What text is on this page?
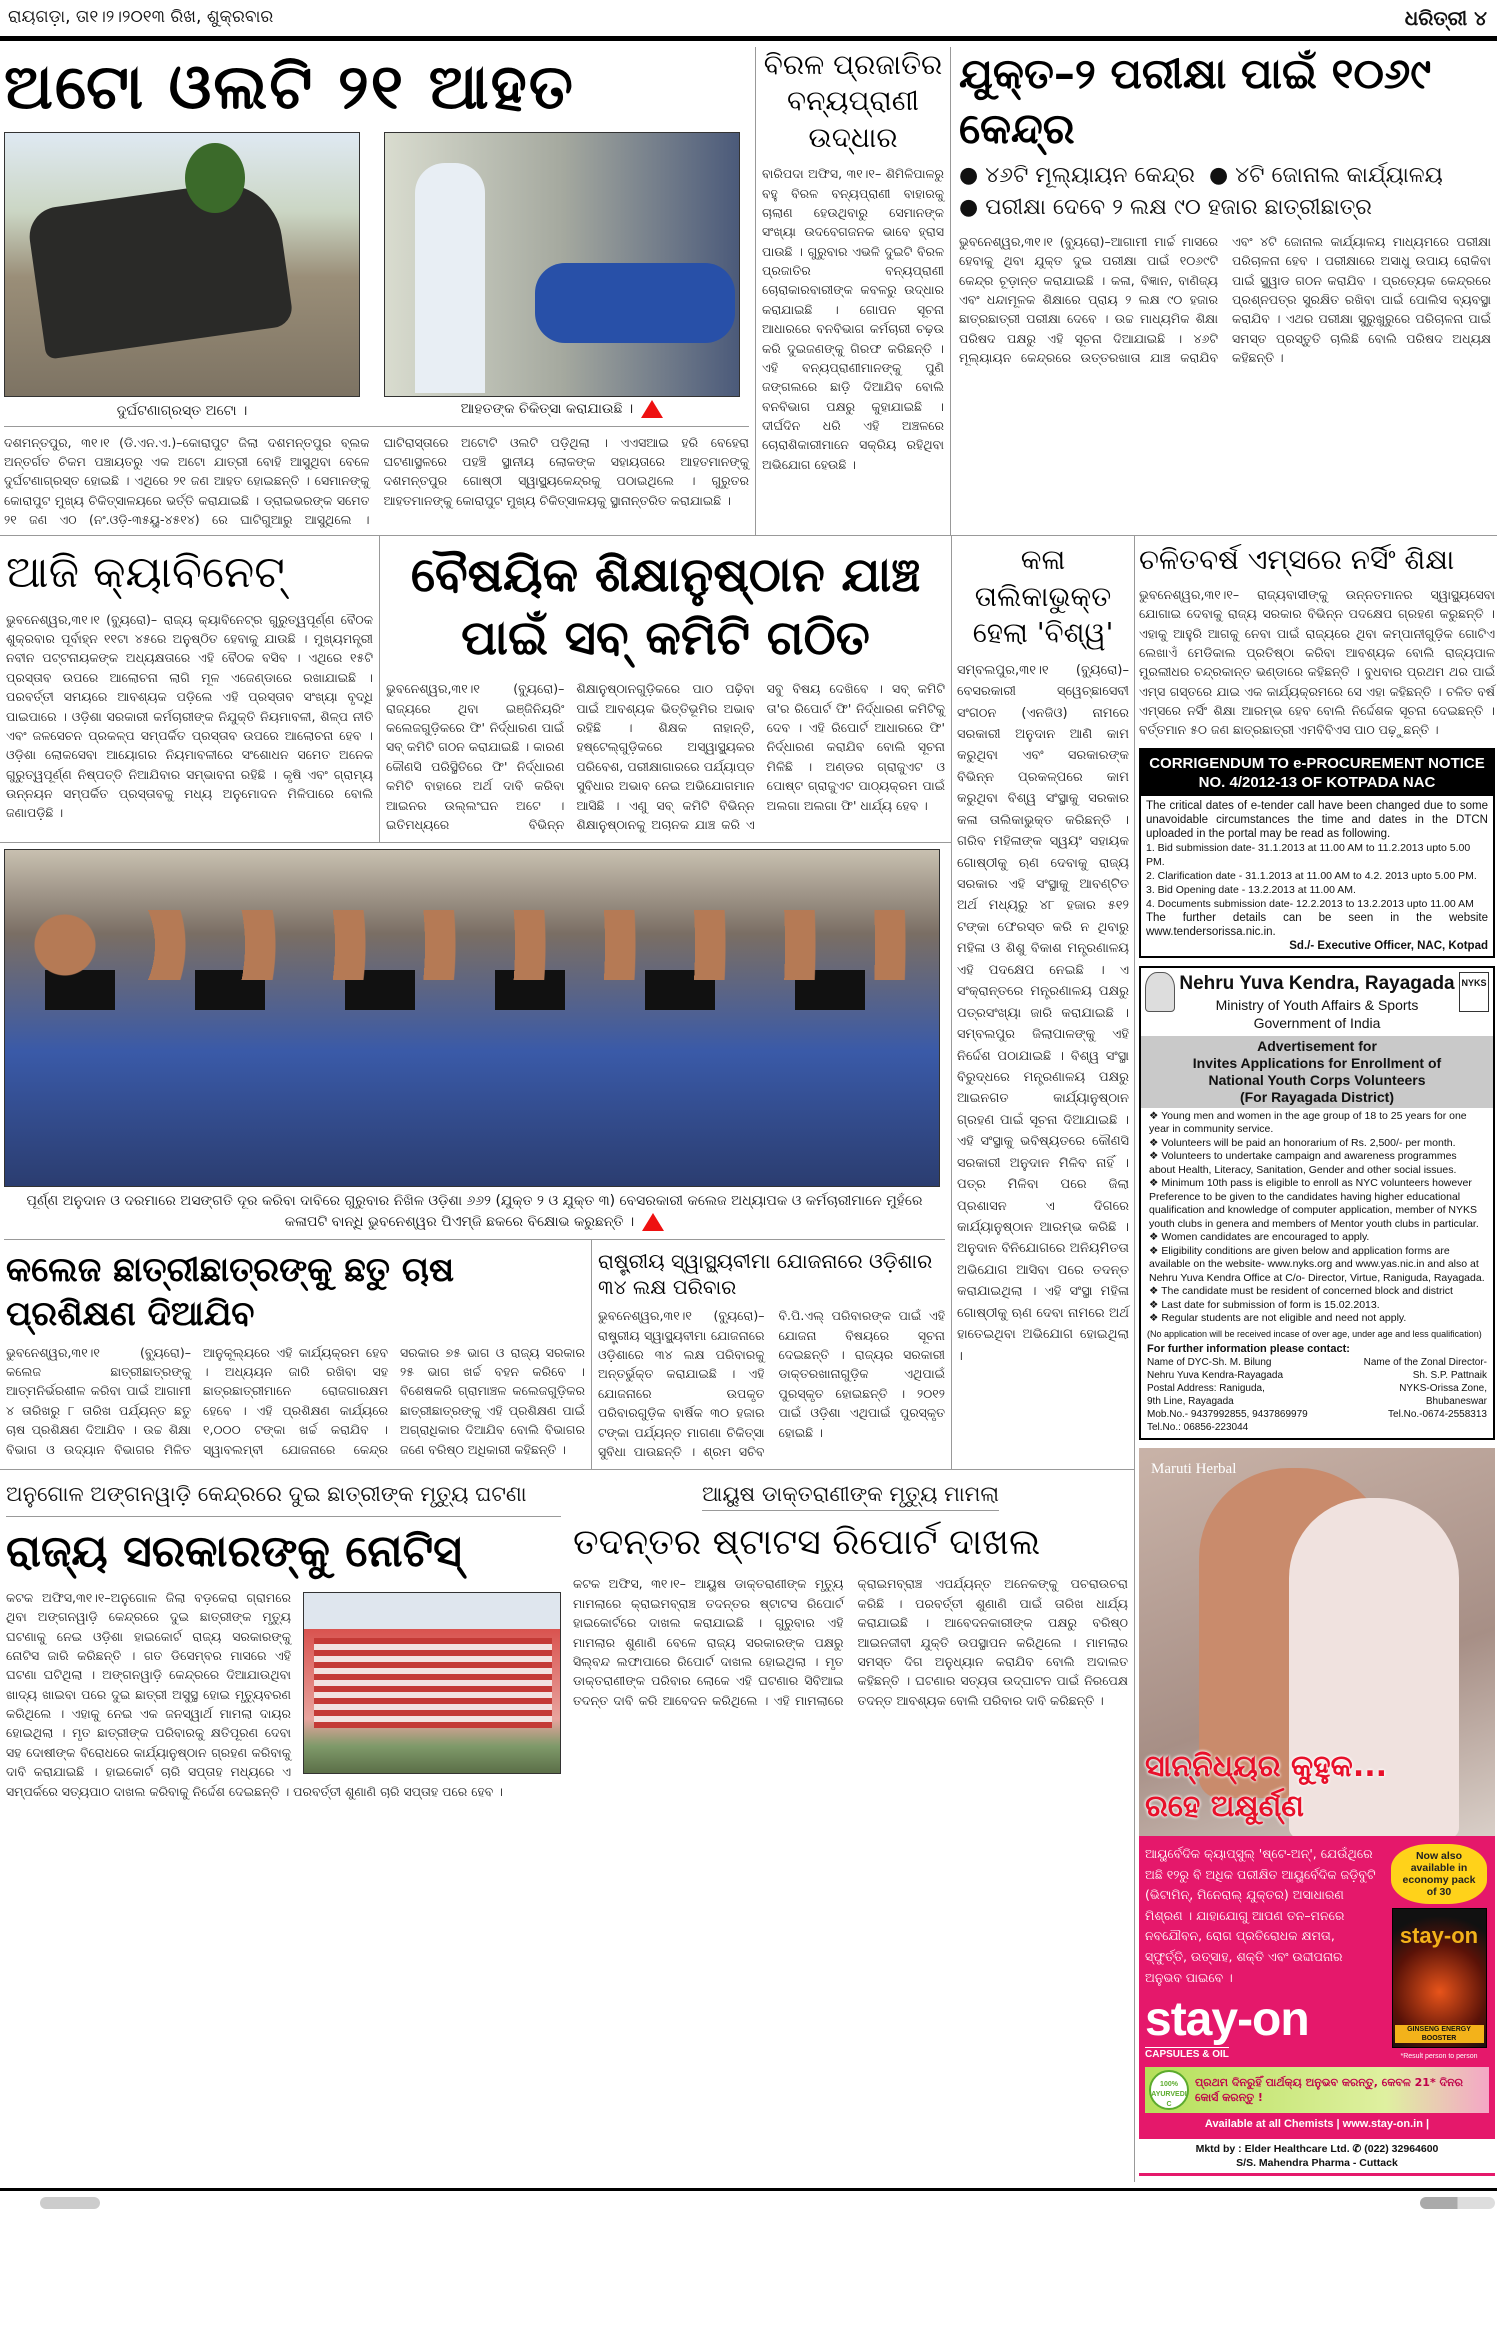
ରାୟଗଡ଼ା, ତା୧।୨।୨୦୧୩ ରିଖ, ଶୁକ୍ରବାର	ଧରିତ୍ରୀ ୪
ଅଟୋ ଓଲଟି ୨୧ ଆହତ
ଦୁର୍ଘଟଣାଗ୍ରସ୍ତ ଅଟୋ ।	ଆହତଙ୍କ ଚିକିତ୍ସା କରାଯାଉଛି ।
ଦଶମନ୍ତପୁର, ୩୧।୧ (ଡି.ଏନ.ଏ.)–କୋରାପୁଟ ଜିଲା ଦଶମନ୍ତପୁର ବ୍ଲକ ଅନ୍ତର୍ଗତ ଚିକମ ପଞ୍ଚାୟତରୁ ଏକ ଅଟୋ ଯାତ୍ରୀ ବୋହି ଆସୁଥିବା ବେଳେ ଦୁର୍ଘଟଣାଗ୍ରସ୍ତ ହୋଇଛି । ଏଥିରେ ୨୧ ଜଣ ଆହତ ହୋଇଛନ୍ତି । ସେମାନଙ୍କୁ କୋରାପୁଟ ମୁଖ୍ୟ ଚିକିତ୍ସାଳୟରେ ଭର୍ତ୍ତି କରାଯାଇଛି । ଡ୍ରାଇଭରଙ୍କ ସମେତ ୨୧ ଜଣ ଏଠ (ନଂ.ଓଡ଼ି-୩୫ୟୁ-୪୫୧୪) ରେ ଘାଟିଗୁଆରୁ ଆସୁଥିଲେ । ଘାଟିରାସ୍ତାରେ ଅଟୋଟି ଓଲଟି ପଡ଼ିଥିଲା । ଏଏସଆଇ ହରି ବେହେରା ଘଟଣାସ୍ଥଳରେ ପହଞ୍ଚି ସ୍ଥାନୀୟ ଲୋକଙ୍କ ସହାୟତାରେ ଆହତମାନଙ୍କୁ ଦଶମନ୍ତପୁର ଗୋଷ୍ଠୀ ସ୍ୱାସ୍ଥ୍ୟକେନ୍ଦ୍ରକୁ ପଠାଇଥିଲେ । ଗୁରୁତର ଆହତମାନଙ୍କୁ କୋରାପୁଟ ମୁଖ୍ୟ ଚିକିତ୍ସାଳୟକୁ ସ୍ଥାନାନ୍ତରିତ କରାଯାଇଛି ।
ବିରଳ ପ୍ରଜାତିର ବନ୍ୟପ୍ରାଣୀ ଉଦ୍ଧାର
ବାରିପଦା ଅଫିସ, ୩୧।୧– ଶିମିଳିପାଳରୁ ବହୁ ବିରଳ ବନ୍ୟପ୍ରାଣୀ ବାହାରକୁ ଚାଲାଣ ହେଉଥିବାରୁ ସେମାନଙ୍କ ସଂଖ୍ୟା ଉଦବେଗଜନକ ଭାବେ ହ୍ରାସ ପାଉଛି । ଗୁରୁବାର ଏଭଳି ଦୁଇଟି ବିରଳ ପ୍ରଜାତିର ବନ୍ୟପ୍ରାଣୀ ଚୋରାକାରବାରୀଙ୍କ କବଳରୁ ଉଦ୍ଧାର କରାଯାଇଛି । ଗୋପନ ସୂଚନା ଆଧାରରେ ବନବିଭାଗ କର୍ମଚାରୀ ଚଢ଼ଉ କରି ଦୁଇଜଣଙ୍କୁ ଗିରଫ କରିଛନ୍ତି । ଏହି ବନ୍ୟପ୍ରାଣୀମାନଙ୍କୁ ପୁଣି ଜଙ୍ଗଲରେ ଛାଡ଼ି ଦିଆଯିବ ବୋଲି ବନବିଭାଗ ପକ୍ଷରୁ କୁହାଯାଇଛି । ଦୀର୍ଘଦିନ ଧରି ଏହି ଅଞ୍ଚଳରେ ଚୋରାଶିକାରୀମାନେ ସକ୍ରିୟ ରହିଥିବା ଅଭିଯୋଗ ହେଉଛି ।
ଯୁକ୍ତ–୨ ପରୀକ୍ଷା ପାଇଁ ୧୦୬୯ କେନ୍ଦ୍ର
● ୪୬ଟି ମୂଲ୍ୟାୟନ କେନ୍ଦ୍ର ● ୪ଟି ଜୋନାଲ କାର୍ଯ୍ୟାଳୟ
● ପରୀକ୍ଷା ଦେବେ ୨ ଲକ୍ଷ ୯୦ ହଜାର ଛାତ୍ରୀଛାତ୍ର
ଭୁବନେଶ୍ୱର,୩୧।୧ (ବ୍ୟୁରୋ)–ଆଗାମୀ ମାର୍ଚ୍ଚ ମାସରେ ହେବାକୁ ଥିବା ଯୁକ୍ତ ଦୁଇ ପରୀକ୍ଷା ପାଇଁ ୧୦୬୯ଟି କେନ୍ଦ୍ର ଚୂଡ଼ାନ୍ତ କରାଯାଇଛି । କଳା, ବିଜ୍ଞାନ, ବାଣିଜ୍ୟ ଏବଂ ଧନ୍ଦାମୂଳକ ଶିକ୍ଷାରେ ପ୍ରାୟ ୨ ଲକ୍ଷ ୯୦ ହଜାର ଛାତ୍ରଛାତ୍ରୀ ପରୀକ୍ଷା ଦେବେ । ଉଚ୍ଚ ମାଧ୍ୟମିକ ଶିକ୍ଷା ପରିଷଦ ପକ୍ଷରୁ ଏହି ସୂଚନା ଦିଆଯାଇଛି । ୪୬ଟି ମୂଲ୍ୟାୟନ କେନ୍ଦ୍ରରେ ଉତ୍ତରଖାତା ଯାଞ୍ଚ କରାଯିବ ଏବଂ ୪ଟି ଜୋନାଲ କାର୍ଯ୍ୟାଳୟ ମାଧ୍ୟମରେ ପରୀକ୍ଷା ପରିଚାଳନା ହେବ । ପରୀକ୍ଷାରେ ଅସାଧୁ ଉପାୟ ରୋକିବା ପାଇଁ ସ୍କ୍ୱାଡ ଗଠନ କରାଯିବ । ପ୍ରତ୍ୟେକ କେନ୍ଦ୍ରରେ ପ୍ରଶ୍ନପତ୍ର ସୁରକ୍ଷିତ ରଖିବା ପାଇଁ ପୋଲିସ ବ୍ୟବସ୍ଥା କରାଯିବ । ଏଥର ପରୀକ୍ଷା ସୁରୁଖୁରୁରେ ପରିଚାଳନା ପାଇଁ ସମସ୍ତ ପ୍ରସ୍ତୁତି ଚାଲିଛି ବୋଲି ପରିଷଦ ଅଧ୍ୟକ୍ଷ କହିଛନ୍ତି ।
ଆଜି କ୍ୟାବିନେଟ୍
ଭୁବନେଶ୍ୱର,୩୧।୧ (ବ୍ୟୁରୋ)– ରାଜ୍ୟ କ୍ୟାବିନେଟ୍‌ର ଗୁରୁତ୍ୱପୂର୍ଣ୍ଣ ବୈଠକ ଶୁକ୍ରବାର ପୂର୍ବାହ୍ନ ୧୧ଟା ୪୫ରେ ଅନୁଷ୍ଠିତ ହେବାକୁ ଯାଉଛି । ମୁଖ୍ୟମନ୍ତ୍ରୀ ନବୀନ ପଟ୍ଟନାୟକଙ୍କ ଅଧ୍ୟକ୍ଷତାରେ ଏହି ବୈଠକ ବସିବ । ଏଥିରେ ୧୫ଟି ପ୍ରସ୍ତାବ ଉପରେ ଆଲୋଚନା ଲାଗି ମୂଳ ଏଜେଣ୍ଡାରେ ରଖାଯାଇଛି । ପରବର୍ତ୍ତୀ ସମୟରେ ଆବଶ୍ୟକ ପଡ଼ିଲେ ଏହି ପ୍ରସ୍ତାବ ସଂଖ୍ୟା ବୃଦ୍ଧି ପାଇପାରେ । ଓଡ଼ିଶା ସରକାରୀ କର୍ମଚାରୀଙ୍କ ନିଯୁକ୍ତି ନିୟମାବଳୀ, ଶିଳ୍ପ ନୀତି ଏବଂ ଜଳସେଚନ ପ୍ରକଳ୍ପ ସମ୍ପର୍କିତ ପ୍ରସ୍ତାବ ଉପରେ ଆଲୋଚନା ହେବ । ଓଡ଼ିଶା ଲୋକସେବା ଆୟୋଗର ନିୟମାବଳୀରେ ସଂଶୋଧନ ସମେତ ଅନେକ ଗୁରୁତ୍ୱପୂର୍ଣ୍ଣ ନିଷ୍ପତ୍ତି ନିଆଯିବାର ସମ୍ଭାବନା ରହିଛି । କୃଷି ଏବଂ ଗ୍ରାମ୍ୟ ଉନ୍ନୟନ ସମ୍ପର୍କିତ ପ୍ରସ୍ତାବକୁ ମଧ୍ୟ ଅନୁମୋଦନ ମିଳିପାରେ ବୋଲି ଜଣାପଡ଼ିଛି ।
ବୈଷୟିକ ଶିକ୍ଷାନୁଷ୍ଠାନ ଯାଞ୍ଚ ପାଇଁ ସବ୍ କମିଟି ଗଠିତ
ଭୁବନେଶ୍ୱର,୩୧।୧ (ବ୍ୟୁରୋ)– ରାଜ୍ୟରେ ଥିବା ଇଞ୍ଜିନିୟରିଂ କଲେଜଗୁଡ଼ିକରେ ଫି' ନିର୍ଦ୍ଧାରଣ ପାଇଁ ସବ୍ କମିଟି ଗଠନ କରାଯାଇଛି । କାରଣ କୌଣସି ପରିସ୍ଥିତିରେ ଫି' ନିର୍ଦ୍ଧାରଣ କମିଟି ବାହାରେ ଅର୍ଥ ଦାବି କରିବା ଆଇନର ଉଲ୍ଲଂଘନ ଅଟେ । ଇତିମଧ୍ୟରେ ବିଭିନ୍ନ ଶିକ୍ଷାନୁଷ୍ଠାନଗୁଡ଼ିକରେ ପାଠ ପଢ଼ିବା ପାଇଁ ଆବଶ୍ୟକ ଭିତ୍ତିଭୂମିର ଅଭାବ ରହିଛି । ଶିକ୍ଷକ ନାହାନ୍ତି, ହଷ୍ଟେଲ୍‌ଗୁଡ଼ିକରେ ଅସ୍ୱାସ୍ଥ୍ୟକର ପରିବେଶ, ପରୀକ୍ଷାଗାରରେ ପର୍ଯ୍ୟାପ୍ତ ସୁବିଧାର ଅଭାବ ନେଇ ଅଭିଯୋଗମାନ ଆସିଛି । ଏଣୁ ସବ୍ କମିଟି ବିଭିନ୍ନ ଶିକ୍ଷାନୁଷ୍ଠାନକୁ ଅଚାନକ ଯାଞ୍ଚ କରି ଏ ସବୁ ବିଷୟ ଦେଖିବେ । ସବ୍ କମିଟି ତା'ର ରିପୋର୍ଟ ଫି' ନିର୍ଦ୍ଧାରଣ କମିଟିକୁ ଦେବ । ଏହି ରିପୋର୍ଟ ଆଧାରରେ ଫି' ନିର୍ଦ୍ଧାରଣ କରାଯିବ ବୋଲି ସୂଚନା ମିଳିଛି । ଅଣ୍ଡର ଗ୍ରାଜୁଏଟ ଓ ପୋଷ୍ଟ ଗ୍ରାଜୁଏଟ ପାଠ୍ୟକ୍ରମ ପାଇଁ ଅଲଗା ଅଲଗା ଫି' ଧାର୍ଯ୍ୟ ହେବ ।
ପୂର୍ଣ୍ଣ ଅନୁଦାନ ଓ ଦରମାରେ ଅସଙ୍ଗତି ଦୂର କରିବା ଦାବିରେ ଗୁରୁବାର ନିଖିଳ ଓଡ଼ିଶା ୬୬୨ (ଯୁକ୍ତ ୨ ଓ ଯୁକ୍ତ ୩) ବେସରକାରୀ କଲେଜ ଅଧ୍ୟାପକ ଓ କର୍ମଚାରୀମାନେ ମୁହଁରେ କଳାପଟି ବାନ୍ଧି ଭୁବନେଶ୍ୱର ପିଏମ୍‌ଜି ଛକରେ ବିକ୍ଷୋଭ କରୁଛନ୍ତି ।
କଲେଜ ଛାତ୍ରୀଛାତ୍ରଙ୍କୁ ଛତୁ ଚାଷ ପ୍ରଶିକ୍ଷଣ ଦିଆଯିବ
ଭୁବନେଶ୍ୱର,୩୧।୧ (ବ୍ୟୁରୋ)– କଲେଜ ଛାତ୍ରୀଛାତ୍ରଙ୍କୁ ଆତ୍ମନିର୍ଭରଶୀଳ କରିବା ପାଇଁ ଆଗାମୀ ୪ ତାରିଖରୁ ୮ ତାରିଖ ପର୍ଯ୍ୟନ୍ତ ଛତୁ ଚାଷ ପ୍ରଶିକ୍ଷଣ ଦିଆଯିବ । ଉଚ୍ଚ ଶିକ୍ଷା ବିଭାଗ ଓ ଉଦ୍ୟାନ ବିଭାଗର ମିଳିତ ଆନୁକୂଲ୍ୟରେ ଏହି କାର୍ଯ୍ୟକ୍ରମ ହେବ । ଅଧ୍ୟୟନ ଜାରି ରଖିବା ସହ ଛାତ୍ରଛାତ୍ରୀମାନେ ରୋଜଗାରକ୍ଷମ ହେବେ । ଏହି ପ୍ରଶିକ୍ଷଣ କାର୍ଯ୍ୟରେ ୧,୦୦୦ ଟଙ୍କା ଖର୍ଚ୍ଚ କରାଯିବ । ସ୍ୱାବଲମ୍ବୀ ଯୋଜନାରେ କେନ୍ଦ୍ର ସରକାର ୭୫ ଭାଗ ଓ ରାଜ୍ୟ ସରକାର ୨୫ ଭାଗ ଖର୍ଚ୍ଚ ବହନ କରିବେ । ବିଶେଷକରି ଗ୍ରାମାଞ୍ଚଳ କଲେଜଗୁଡ଼ିକର ଛାତ୍ରୀଛାତ୍ରଙ୍କୁ ଏହି ପ୍ରଶିକ୍ଷଣ ପାଇଁ ଅଗ୍ରାଧିକାର ଦିଆଯିବ ବୋଲି ବିଭାଗର ଜଣେ ବରିଷ୍ଠ ଅଧିକାରୀ କହିଛନ୍ତି ।
ରାଷ୍ଟ୍ରୀୟ ସ୍ୱାସ୍ଥ୍ୟବୀମା ଯୋଜନାରେ ଓଡ଼ିଶାର ୩୪ ଲକ୍ଷ ପରିବାର
ଭୁବନେଶ୍ୱର,୩୧।୧ (ବ୍ୟୁରୋ)– ରାଷ୍ଟ୍ରୀୟ ସ୍ୱାସ୍ଥ୍ୟବୀମା ଯୋଜନାରେ ଓଡ଼ିଶାରେ ୩୪ ଲକ୍ଷ ପରିବାରକୁ ଅନ୍ତର୍ଭୁକ୍ତ କରାଯାଇଛି । ଏହି ଯୋଜନାରେ ଉପକୃତ ପରିବାରଗୁଡ଼ିକ ବାର୍ଷିକ ୩୦ ହଜାର ଟଙ୍କା ପର୍ଯ୍ୟନ୍ତ ମାଗଣା ଚିକିତ୍ସା ସୁବିଧା ପାଉଛନ୍ତି । ଶ୍ରମ ସଚିବ ବି.ପି.ଏଲ୍ ପରିବାରଙ୍କ ପାଇଁ ଏହି ଯୋଜନା ବିଷୟରେ ସୂଚନା ଦେଇଛନ୍ତି । ରାଜ୍ୟର ସରକାରୀ ଡାକ୍ତରଖାନାଗୁଡ଼ିକ ଏଥିପାଇଁ ପୁରସ୍କୃତ ହୋଇଛନ୍ତି । ୨୦୧୨ ପାଇଁ ଓଡ଼ିଶା ଏଥିପାଇଁ ପୁରସ୍କୃତ ହୋଇଛି ।
କଳା ତାଲିକାଭୁକ୍ତ ହେଲା 'ବିଶ୍ୱ'
ସମ୍ବଲପୁର,୩୧।୧ (ବ୍ୟୁରୋ)– ବେସରକାରୀ ସ୍ୱେଚ୍ଛାସେବୀ ସଂଗଠନ (ଏନଜିଓ) ନାମରେ ସରକାରୀ ଅନୁଦାନ ଆଣି କାମ କରୁଥିବା ଏବଂ ସରକାରଙ୍କ ବିଭିନ୍ନ ପ୍ରକଳ୍ପରେ କାମ କରୁଥିବା ବିଶ୍ୱ ସଂସ୍ଥାକୁ ସରକାର କଳା ତାଲିକାଭୁକ୍ତ କରିଛନ୍ତି । ଗରିବ ମହିଳାଙ୍କ ସ୍ୱୟଂ ସହାୟକ ଗୋଷ୍ଠୀକୁ ଋଣ ଦେବାକୁ ରାଜ୍ୟ ସରକାର ଏହି ସଂସ୍ଥାକୁ ଆବଣ୍ଟିତ ଅର୍ଥ ମଧ୍ୟରୁ ୪୮ ହଜାର ୫୧୨ ଟଙ୍କା ଫେରସ୍ତ କରି ନ ଥିବାରୁ ମହିଳା ଓ ଶିଶୁ ବିକାଶ ମନ୍ତ୍ରଣାଳୟ ଏହି ପଦକ୍ଷେପ ନେଇଛି । ଏ ସଂକ୍ରାନ୍ତରେ ମନ୍ତ୍ରଣାଳୟ ପକ୍ଷରୁ ପତ୍ରସଂଖ୍ୟା ଜାରି କରାଯାଇଛି । ସମ୍ବଲପୁର ଜିଲାପାଳଙ୍କୁ ଏହି ନିର୍ଦ୍ଦେଶ ପଠାଯାଇଛି । ବିଶ୍ୱ ସଂସ୍ଥା ବିରୁଦ୍ଧରେ ମନ୍ତ୍ରଣାଳୟ ପକ୍ଷରୁ ଆଇନଗତ କାର୍ଯ୍ୟାନୁଷ୍ଠାନ ଗ୍ରହଣ ପାଇଁ ସୂଚନା ଦିଆଯାଇଛି । ଏହି ସଂସ୍ଥାକୁ ଭବିଷ୍ୟତରେ କୌଣସି ସରକାରୀ ଅନୁଦାନ ମିଳିବ ନାହିଁ । ପତ୍ର ମିଳିବା ପରେ ଜିଲା ପ୍ରଶାସନ ଏ ଦିଗରେ କାର୍ଯ୍ୟାନୁଷ୍ଠାନ ଆରମ୍ଭ କରିଛି । ଅନୁଦାନ ବିନିଯୋଗରେ ଅନିୟମିତତା ଅଭିଯୋଗ ଆସିବା ପରେ ତଦନ୍ତ କରାଯାଇଥିଲା । ଏହି ସଂସ୍ଥା ମହିଳା ଗୋଷ୍ଠୀକୁ ଋଣ ଦେବା ନାମରେ ଅର୍ଥ ହାତେଇଥିବା ଅଭିଯୋଗ ହୋଇଥିଲା ।
ଅନୁଗୋଳ ଅଙ୍ଗନୱାଡ଼ି କେନ୍ଦ୍ରରେ ଦୁଇ ଛାତ୍ରୀଙ୍କ ମୃତ୍ୟୁ ଘଟଣା
ରାଜ୍ୟ ସରକାରଙ୍କୁ ନୋଟିସ୍
କଟକ ଅଫିସ,୩୧।୧–ଅନୁଗୋଳ ଜିଲା ବଡ଼କେରା ଗ୍ରାମରେ ଥିବା ଅଙ୍ଗନୱାଡ଼ି କେନ୍ଦ୍ରରେ ଦୁଇ ଛାତ୍ରୀଙ୍କ ମୃତ୍ୟୁ ଘଟଣାକୁ ନେଇ ଓଡ଼ିଶା ହାଇକୋର୍ଟ ରାଜ୍ୟ ସରକାରଙ୍କୁ ନୋଟିସ ଜାରି କରିଛନ୍ତି । ଗତ ଡିସେମ୍ବର ମାସରେ ଏହି ଘଟଣା ଘଟିଥିଲା । ଅଙ୍ଗନୱାଡ଼ି କେନ୍ଦ୍ରରେ ଦିଆଯାଉଥିବା ଖାଦ୍ୟ ଖାଇବା ପରେ ଦୁଇ ଛାତ୍ରୀ ଅସୁସ୍ଥ ହୋଇ ମୃତ୍ୟୁବରଣ କରିଥିଲେ । ଏହାକୁ ନେଇ ଏକ ଜନସ୍ୱାର୍ଥ ମାମଲା ଦାୟର ହୋଇଥିଲା । ମୃତ ଛାତ୍ରୀଙ୍କ ପରିବାରକୁ କ୍ଷତିପୂରଣ ଦେବା ସହ ଦୋଷୀଙ୍କ ବିରୋଧରେ କାର୍ଯ୍ୟାନୁଷ୍ଠାନ ଗ୍ରହଣ କରିବାକୁ ଦାବି କରାଯାଇଛି । ହାଇକୋର୍ଟ ଚାରି ସପ୍ତାହ ମଧ୍ୟରେ ଏ ସମ୍ପର୍କରେ ସତ୍ୟପାଠ ଦାଖଲ କରିବାକୁ ନିର୍ଦ୍ଦେଶ ଦେଇଛନ୍ତି । ପରବର୍ତ୍ତୀ ଶୁଣାଣି ଚାରି ସପ୍ତାହ ପରେ ହେବ ।
ଆୟୁଷ ଡାକ୍ତରାଣୀଙ୍କ ମୃତ୍ୟୁ ମାମଲା
ତଦନ୍ତର ଷ୍ଟାଟସ ରିପୋର୍ଟ ଦାଖଲ
କଟକ ଅଫିସ, ୩୧।୧– ଆୟୁଷ ଡାକ୍ତରାଣୀଙ୍କ ମୃତ୍ୟୁ ମାମଲାରେ କ୍ରାଇମବ୍ରାଞ୍ଚ ତଦନ୍ତର ଷ୍ଟାଟସ ରିପୋର୍ଟ ହାଇକୋର୍ଟରେ ଦାଖଲ କରାଯାଇଛି । ଗୁରୁବାର ଏହି ମାମଲାର ଶୁଣାଣି ବେଳେ ରାଜ୍ୟ ସରକାରଙ୍କ ପକ୍ଷରୁ ସିଲ୍‌ବନ୍ଦ ଲଫାପାରେ ରିପୋର୍ଟ ଦାଖଲ ହୋଇଥିଲା । ମୃତ ଡାକ୍ତରାଣୀଙ୍କ ପରିବାର ଲୋକେ ଏହି ଘଟଣାର ସିବିଆଇ ତଦନ୍ତ ଦାବି କରି ଆବେଦନ କରିଥିଲେ । ଏହି ମାମଲାରେ କ୍ରାଇମବ୍ରାଞ୍ଚ ଏପର୍ଯ୍ୟନ୍ତ ଅନେକଙ୍କୁ ପଚରାଉଚରା କରିଛି । ପରବର୍ତ୍ତୀ ଶୁଣାଣି ପାଇଁ ତାରିଖ ଧାର୍ଯ୍ୟ କରାଯାଇଛି । ଆବେଦନକାରୀଙ୍କ ପକ୍ଷରୁ ବରିଷ୍ଠ ଆଇନଜୀବୀ ଯୁକ୍ତି ଉପସ୍ଥାପନ କରିଥିଲେ । ମାମଲାର ସମସ୍ତ ଦିଗ ଅନୁଧ୍ୟାନ କରାଯିବ ବୋଲି ଅଦାଲତ କହିଛନ୍ତି । ଘଟଣାର ସତ୍ୟତା ଉଦ୍‌ଘାଟନ ପାଇଁ ନିରପେକ୍ଷ ତଦନ୍ତ ଆବଶ୍ୟକ ବୋଲି ପରିବାର ଦାବି କରିଛନ୍ତି ।
ଚଳିତବର୍ଷ ଏମ୍ସରେ ନର୍ସିଂ ଶିକ୍ଷା
ଭୁବନେଶ୍ୱର,୩୧।୧– ରାଜ୍ୟବାସୀଙ୍କୁ ଉନ୍ନତମାନର ସ୍ୱାସ୍ଥ୍ୟସେବା ଯୋଗାଇ ଦେବାକୁ ରାଜ୍ୟ ସରକାର ବିଭିନ୍ନ ପଦକ୍ଷେପ ଗ୍ରହଣ କରୁଛନ୍ତି । ଏହାକୁ ଆହୁରି ଆଗକୁ ନେବା ପାଇଁ ରାଜ୍ୟରେ ଥିବା କମ୍ପାନୀଗୁଡ଼ିକ ଗୋଟିଏ ଲେଖାଏଁ ମେଡିକାଲ ପ୍ରତିଷ୍ଠା କରିବା ଆବଶ୍ୟକ ବୋଲି ରାଜ୍ୟପାଳ ମୁରଲୀଧର ଚନ୍ଦ୍ରକାନ୍ତ ଭଣ୍ଡାରେ କହିଛନ୍ତି । ବୁଧବାର ପ୍ରଥମ ଥର ପାଇଁ ଏମ୍ସ ଗସ୍ତରେ ଯାଇ ଏକ କାର୍ଯ୍ୟକ୍ରମରେ ସେ ଏହା କହିଛନ୍ତି । ଚଳିତ ବର୍ଷ ଏମ୍ସରେ ନର୍ସିଂ ଶିକ୍ଷା ଆରମ୍ଭ ହେବ ବୋଲି ନିର୍ଦ୍ଦେଶକ ସୂଚନା ଦେଇଛନ୍ତି । ବର୍ତ୍ତମାନ ୫୦ ଜଣ ଛାତ୍ରଛାତ୍ରୀ ଏମବିବିଏସ ପାଠ ପଢ଼ୁଛନ୍ତି ।
CORRIGENDUM TO e-PROCUREMENT NOTICE NO. 4/2012-13 OF KOTPADA NAC
The critical dates of e-tender call have been changed due to some unavoidable circumstances the time and dates in the DTCN uploaded in the portal may be read as following.
1. Bid submission date- 31.1.2013 at 11.00 AM to 11.2.2013 upto 5.00 PM.
2. Clarification date - 31.1.2013 at 11.00 AM to 4.2. 2013 upto 5.00 PM.
3. Bid Opening date - 13.2.2013 at 11.00 AM.
4. Documents submission date- 12.2.2013 to 13.2.2013 upto 11.00 AM
The further details can be seen in the website www.tendersorissa.nic.in.
Sd./- Executive Officer, NAC, Kotpad
Nehru Yuva Kendra, Rayagada
Ministry of Youth Affairs & Sports
Government of India
NYKS
Advertisement for
Invites Applications for Enrollment of
National Youth Corps Volunteers
(For Rayagada District)
❖ Young men and women in the age group of 18 to 25 years for one year in community service.
❖ Volunteers will be paid an honorarium of Rs. 2,500/- per month.
❖ Volunteers to undertake campaign and awareness programmes about Health, Literacy, Sanitation, Gender and other social issues.
❖ Minimum 10th pass is eligible to enroll as NYC volunteers however Preference to be given to the candidates having higher educational qualification and knowledge of computer application, member of NYKS youth clubs in genera and members of Mentor youth clubs in particular.
❖ Women candidates are encouraged to apply.
❖ Eligibility conditions are given below and application forms are available on the website- www.nyks.org and www.yas.nic.in and also at Nehru Yuva Kendra Office at C/o- Director, Virtue, Raniguda, Rayagada.
❖ The candidate must be resident of concerned block and district
❖ Last date for submission of form is 15.02.2013.
❖ Regular students are not eligible and need not apply.
(No application will be received incase of over age, under age and less qualification)
For further information please contact:
Name of DYC-Sh. M. Bilung
Nehru Yuva Kendra-Rayagada
Postal Address: Raniguda,
9th Line, Rayagada
Mob.No.- 9437992855, 9437869979
Tel.No.: 06856-223044
Name of the Zonal Director-
Sh. S.P. Pattnaik
NYKS-Orissa Zone,
Bhubaneswar
Tel.No.-0674-2558313
Maruti Herbal
ସାନ୍ନିଧ୍ୟର କୁହୁକ...
ରହେ ଅକ୍ଷୁର୍ଣ୍ଣ
ଆୟୁର୍ବେଦିକ କ୍ୟାପ୍ସୁଲ୍ 'ଷ୍ଟେ-ଅନ୍', ଯେଉଁଥିରେ ଅଛି ୧୨ରୁ ବି ଅଧିକ ପରୀକ୍ଷିତ ଆୟୁର୍ବେଦିକ ଜଡ଼ିବୁଟି (ଭିଟାମିନ୍, ମିନେରାଲ୍ ଯୁକ୍ତର) ଅସାଧାରଣ ମିଶ୍ରଣ । ଯାହାଯୋଗୁ ଆପଣ ତନ–ମନରେ ନବଯୌବନ, ରୋଗ ପ୍ରତିରୋଧକ କ୍ଷମତା, ସ୍ଫୁର୍ତ୍ତି, ଉତ୍ସାହ, ଶକ୍ତି ଏବଂ ଉଦ୍ଦୀପନାର ଅନୁଭବ ପାଇବେ ।
stay-on
CAPSULES & OIL
Now also available in economy pack of 30
stay-on
GINSENG ENERGY BOOSTER
*Result person to person
100% AYURVEDIC
ପ୍ରଥମ ଦିନରୁହିଁ ପାର୍ଥକ୍ୟ ଅନୁଭବ କରନ୍ତୁ, କେବଳ 21* ଦିନର କୋର୍ସ କରନ୍ତୁ !
Available at all Chemists | www.stay-on.in |
Mktd by : Elder Healthcare Ltd. ✆ (022) 32964600
S/S. Mahendra Pharma - Cuttack
